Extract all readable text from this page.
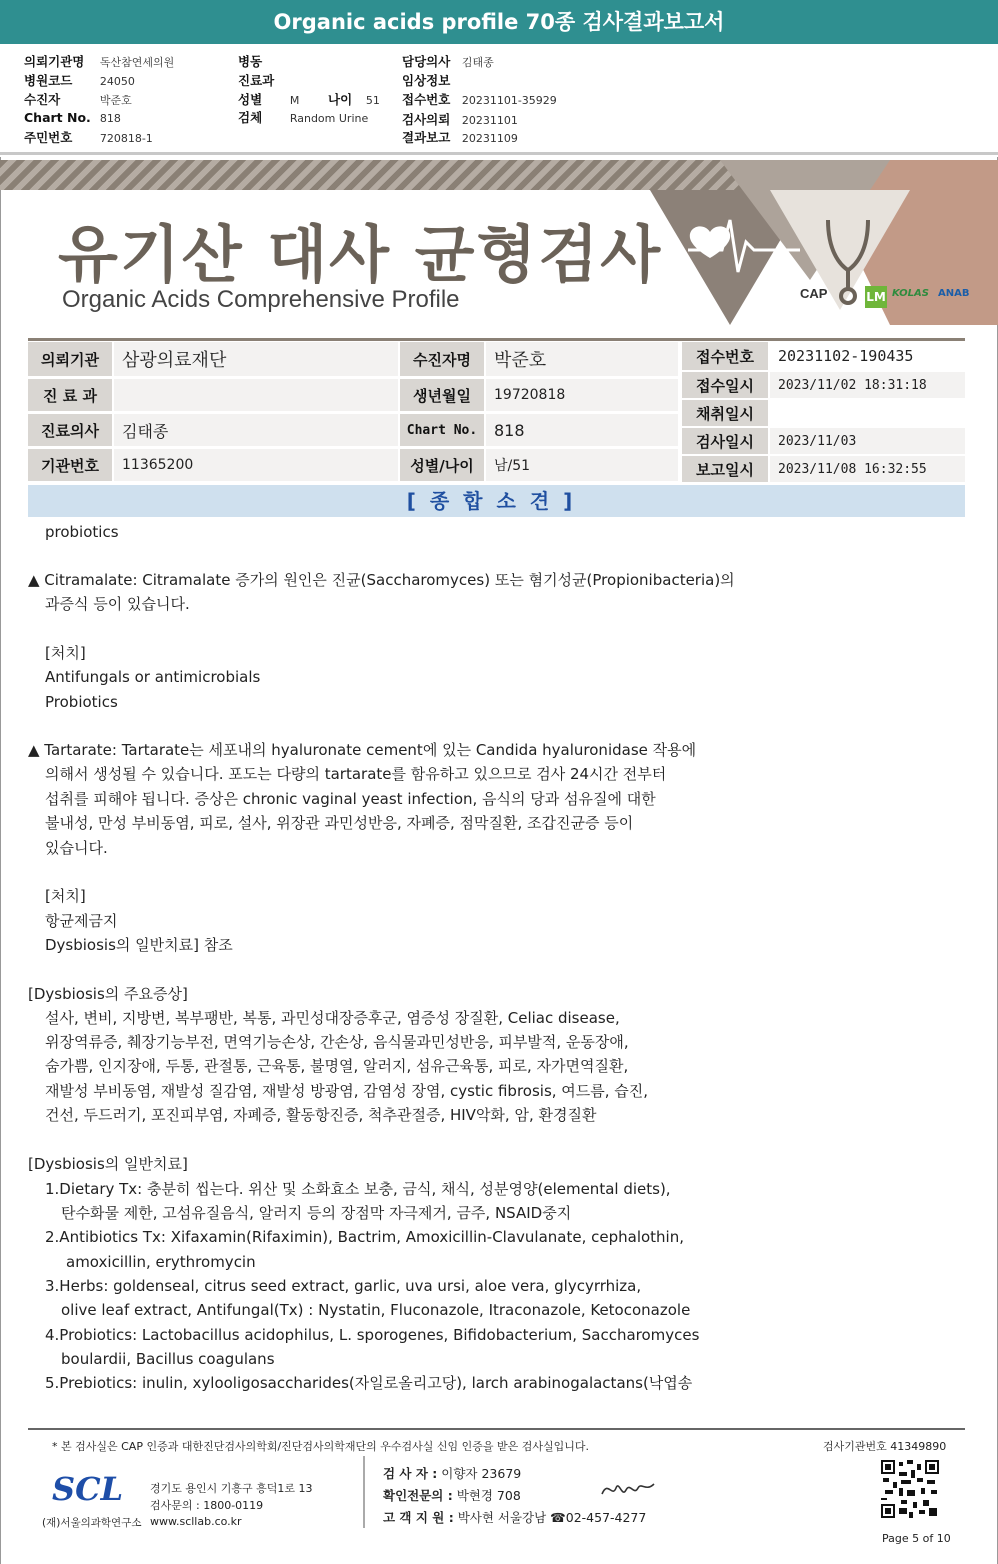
Organic acids profile 70종 검사결과보고서
의뢰기관명 독산참연세의원
병원코드	24050
수진자	박준호
Chart No. 818
주민번호	720818-1
병동
진료과
성별	M 나이 51
검체	Random Urine
담당의사 김태종
임상정보
접수번호 20231101-35929
검사의뢰 20231101
결과보고 20231109
CAP	LM KOLAS ANAB
유기산 대사 균형검사
Organic Acids Comprehensive Profile
의뢰기관	삼광의료재단
진 료 과
진료의사	김태종
기관번호	11365200
수진자명	박준호
생년월일	19720818
Chart No.	818
성별/나이	남/51
접수번호	20231102-190435
접수일시	2023/11/02 18:31:18
채취일시
검사일시	2023/11/03
보고일시	2023/11/08 16:32:55
[종합소견]
probiotics
▲ Citramalate: Citramalate 증가의 원인은 진균(Saccharomyces) 또는 혐기성균(Propionibacteria)의
과증식 등이 있습니다.
[처치]
Antifungals or antimicrobials
Probiotics
▲ Tartarate: Tartarate는 세포내의 hyaluronate cement에 있는 Candida hyaluronidase 작용에
의해서 생성될 수 있습니다. 포도는 다량의 tartarate를 함유하고 있으므로 검사 24시간 전부터
섭취를 피해야 됩니다. 증상은 chronic vaginal yeast infection, 음식의 당과 섬유질에 대한
불내성, 만성 부비동염, 피로, 설사, 위장관 과민성반응, 자폐증, 점막질환, 조갑진균증 등이
있습니다.
[처치]
항균제금지
Dysbiosis의 일반치료] 참조
[Dysbiosis의 주요증상]
설사, 변비, 지방변, 복부팽반, 복통, 과민성대장증후군, 염증성 장질환, Celiac disease,
위장역류증, 췌장기능부전, 면역기능손상, 간손상, 음식물과민성반응, 피부발적, 운동장애,
숨가쁨, 인지장애, 두통, 관절통, 근육통, 불명열, 알러지, 섬유근육통, 피로, 자가면역질환,
재발성 부비동염, 재발성 질감염, 재발성 방광염, 감염성 장염, cystic fibrosis, 여드름, 습진,
건선, 두드러기, 포진피부염, 자폐증, 활동항진증, 척추관절증, HIV악화, 암, 환경질환
[Dysbiosis의 일반치료]
1.Dietary Tx: 충분히 씹는다. 위산 및 소화효소 보충, 금식, 채식, 성분영양(elemental diets),
탄수화물 제한, 고섬유질음식, 알러지 등의 장점막 자극제거, 금주, NSAID중지
2.Antibiotics Tx: Xifaxamin(Rifaximin), Bactrim, Amoxicillin-Clavulanate, cephalothin,
amoxicillin, erythromycin
3.Herbs: goldenseal, citrus seed extract, garlic, uva ursi, aloe vera, glycyrrhiza,
olive leaf extract, Antifungal(Tx) : Nystatin, Fluconazole, Itraconazole, Ketoconazole
4.Probiotics: Lactobacillus acidophilus, L. sporogenes, Bifidobacterium, Saccharomyces
boulardii, Bacillus coagulans
5.Prebiotics: inulin, xylooligosaccharides(자일로올리고당), larch arabinogalactans(낙엽송
* 본 검사실은 CAP 인증과 대한진단검사의학회/진단검사의학재단의 우수검사실 신임 인증을 받은 검사실입니다.	검사기관번호 41349890
SCL
(재)서울의과학연구소
경기도 용인시 기흥구 흥덕1로 13
검사문의 : 1800-0119
www.scllab.co.kr
검 사 자 : 이향자 23679
확인전문의 : 박현경 708
고 객 지 원 : 박사현 서울강남 ☎02-457-4277
Page 5 of 10
